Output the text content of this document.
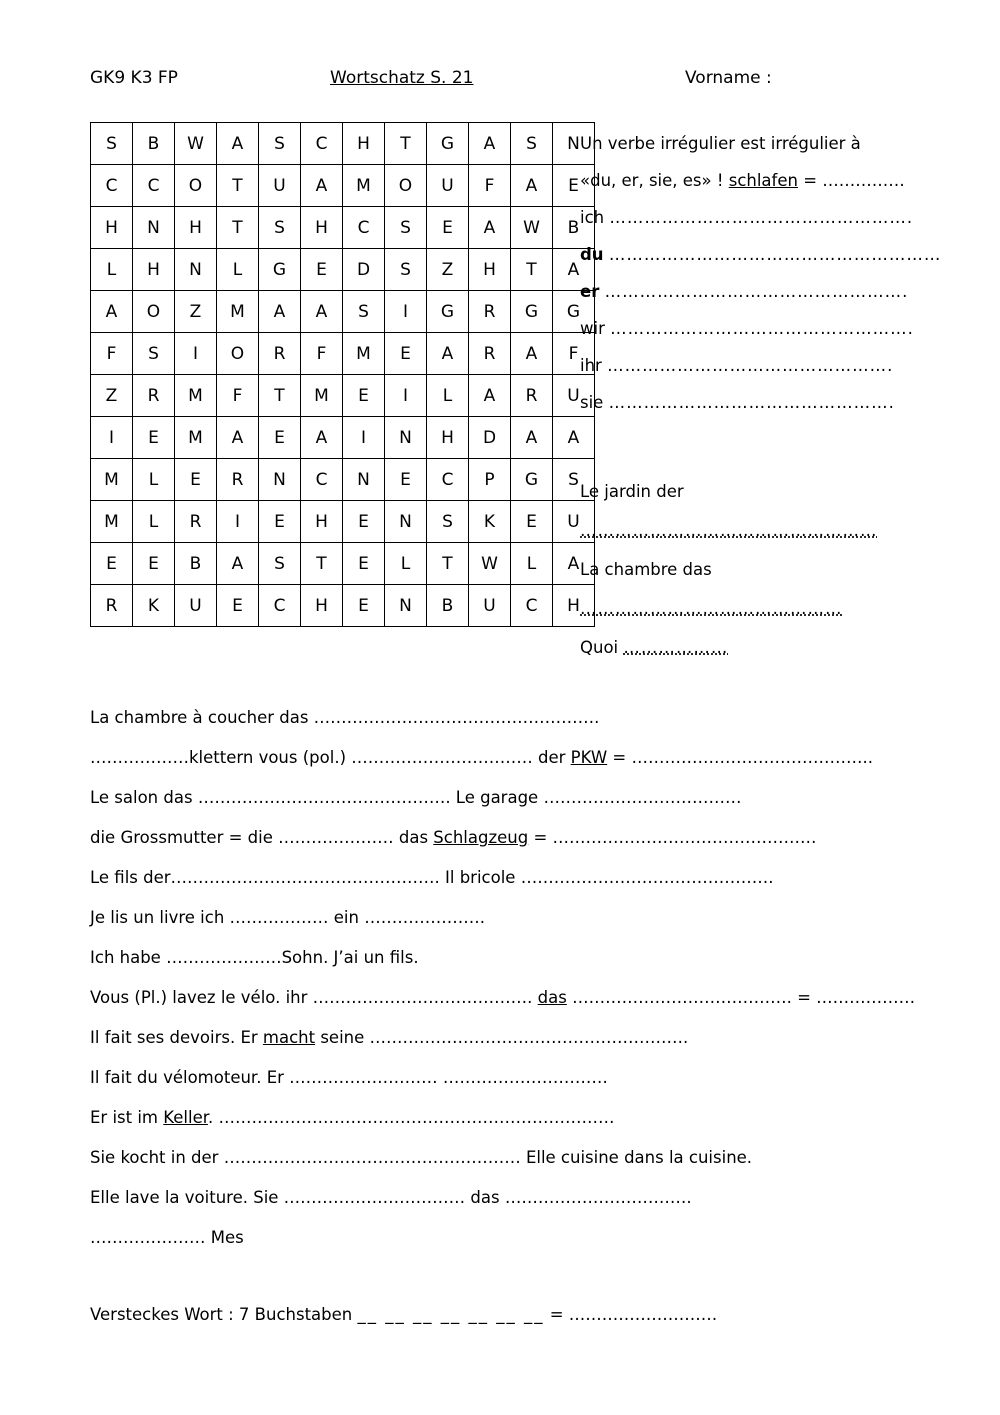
GK9 K3 FP	Wortschatz S. 21	Vorname :
S	B	W	A	S	C	H	T	G	A	S	N
C	C	O	T	U	A	M	O	U	F	A	E
H	N	H	T	S	H	C	S	E	A	W	B
L	H	N	L	G	E	D	S	Z	H	T	A
A	O	Z	M	A	A	S	I	G	R	G	G
F	S	I	O	R	F	M	E	A	R	A	F
Z	R	M	F	T	M	E	I	L	A	R	U
I	E	M	A	E	A	I	N	H	D	A	A
M	L	E	R	N	C	N	E	C	P	G	S
M	L	R	I	E	H	E	N	S	K	E	U
E	E	B	A	S	T	E	L	T	W	L	A
R	K	U	E	C	H	E	N	B	U	C	H
Un verbe irrégulier est irrégulier à
«du, er, sie, es» ! schlafen = ……………
ich …………………………………………….
du …………………………………………………
er …………………………………………….
wir …………………………………………….
ihr ………………………………………….
sie ………………………………………….
Le jardin der ……………………………………………
La chambre das ………………………………………
Quoi ………………
La chambre à coucher das …………………………………………….
………………klettern vous (pol.) …………………………… der PKW = ……………………………………..
Le salon das ………………………………………. Le garage ………………………………
die Grossmutter = die ………………… das Schlagzeug = …………………………………………
Le fils der…………………………………………. Il bricole ……………………………………….
Je lis un livre ich ……………… ein ………………….
Ich habe …………………Sohn. J’ai un fils.
Vous (Pl.) lavez le vélo. ihr …………………………………. das …………………………………. = ………………
Il fait ses devoirs. Er macht seine ………………………………………………….
Il fait du vélomoteur. Er ……………………… …………………………
Er ist im Keller. ………………………………………………………………
Sie kocht in der ……………………………………………… Elle cuisine dans la cuisine.
Elle lave la voiture. Sie …………………………… das …………………………….
………………… Mes
Versteckes Wort : 7 Buchstaben __ __ __ __ __ __ __ = ………………………
